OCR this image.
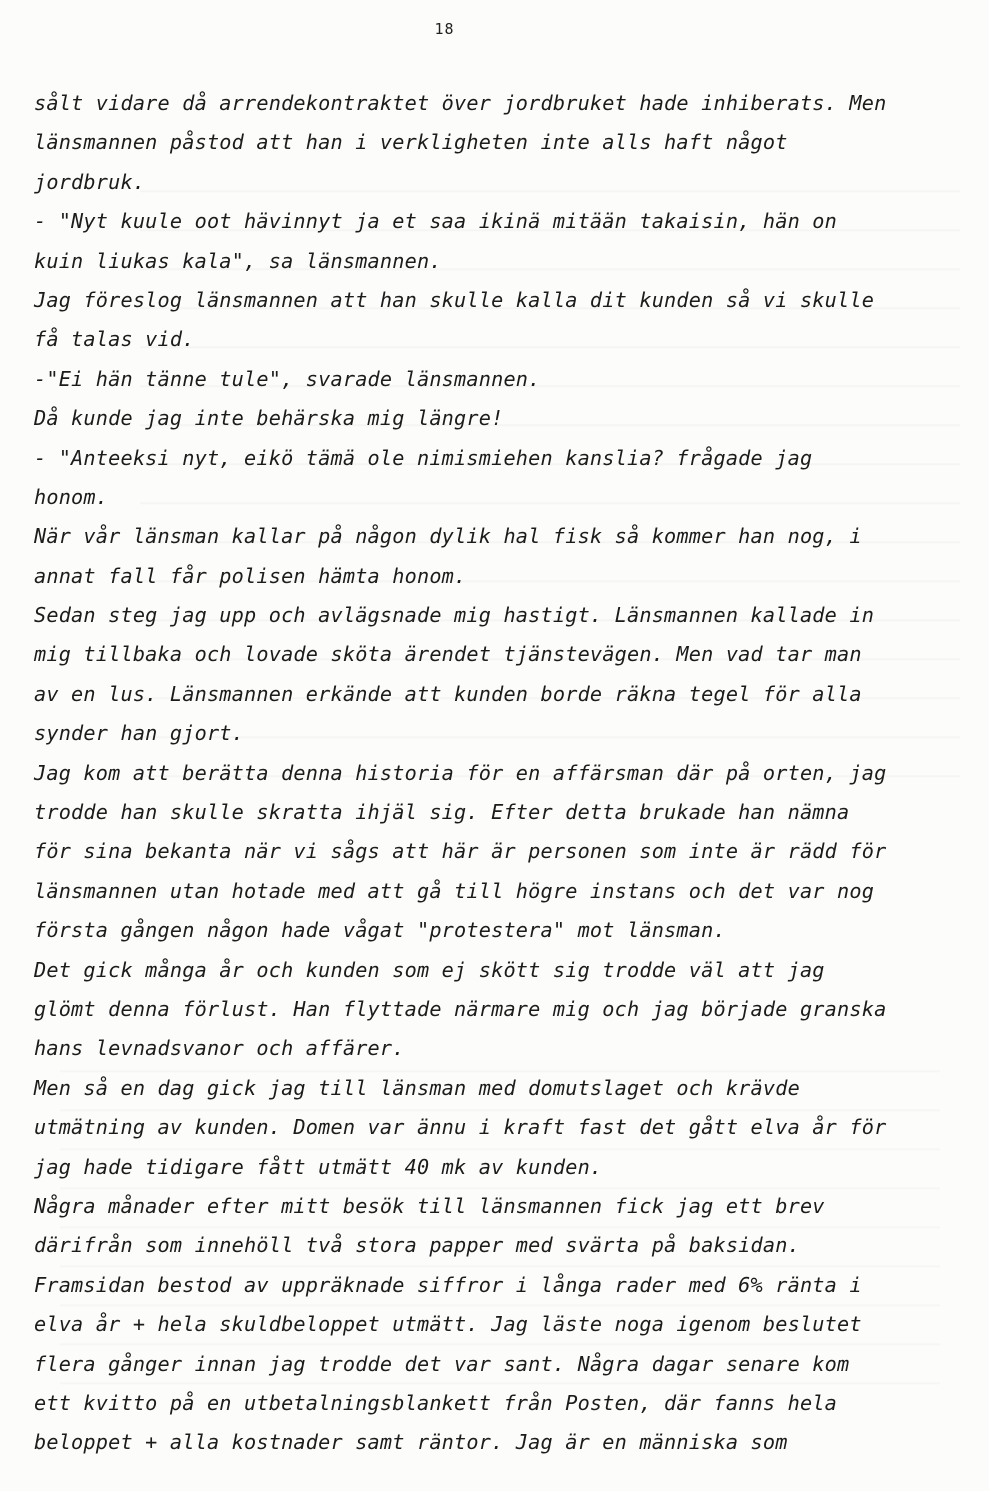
18
sålt vidare då arrendekontraktet över jordbruket hade inhiberats. Men
länsmannen påstod att han i verkligheten inte alls haft något
jordbruk.
- "Nyt kuule oot hävinnyt ja et saa ikinä mitään takaisin, hän on
kuin liukas kala", sa länsmannen.
Jag föreslog länsmannen att han skulle kalla dit kunden så vi skulle
få talas vid.
-"Ei hän tänne tule", svarade länsmannen.
Då kunde jag inte behärska mig längre!
- "Anteeksi nyt, eikö tämä ole nimismiehen kanslia? frågade jag
honom.
När vår länsman kallar på någon dylik hal fisk så kommer han nog, i
annat fall får polisen hämta honom.
Sedan steg jag upp och avlägsnade mig hastigt. Länsmannen kallade in
mig tillbaka och lovade sköta ärendet tjänstevägen. Men vad tar man
av en lus. Länsmannen erkände att kunden borde räkna tegel för alla
synder han gjort.
Jag kom att berätta denna historia för en affärsman där på orten, jag
trodde han skulle skratta ihjäl sig. Efter detta brukade han nämna
för sina bekanta när vi sågs att här är personen som inte är rädd för
länsmannen utan hotade med att gå till högre instans och det var nog
första gången någon hade vågat "protestera" mot länsman.
Det gick många år och kunden som ej skött sig trodde väl att jag
glömt denna förlust. Han flyttade närmare mig och jag började granska
hans levnadsvanor och affärer.
Men så en dag gick jag till länsman med domutslaget och krävde
utmätning av kunden. Domen var ännu i kraft fast det gått elva år för
jag hade tidigare fått utmätt 40 mk av kunden.
Några månader efter mitt besök till länsmannen fick jag ett brev
därifrån som innehöll två stora papper med svärta på baksidan.
Framsidan bestod av uppräknade siffror i långa rader med 6% ränta i
elva år + hela skuldbeloppet utmätt. Jag läste noga igenom beslutet
flera gånger innan jag trodde det var sant. Några dagar senare kom
ett kvitto på en utbetalningsblankett från Posten, där fanns hela
beloppet + alla kostnader samt räntor. Jag är en människa som
